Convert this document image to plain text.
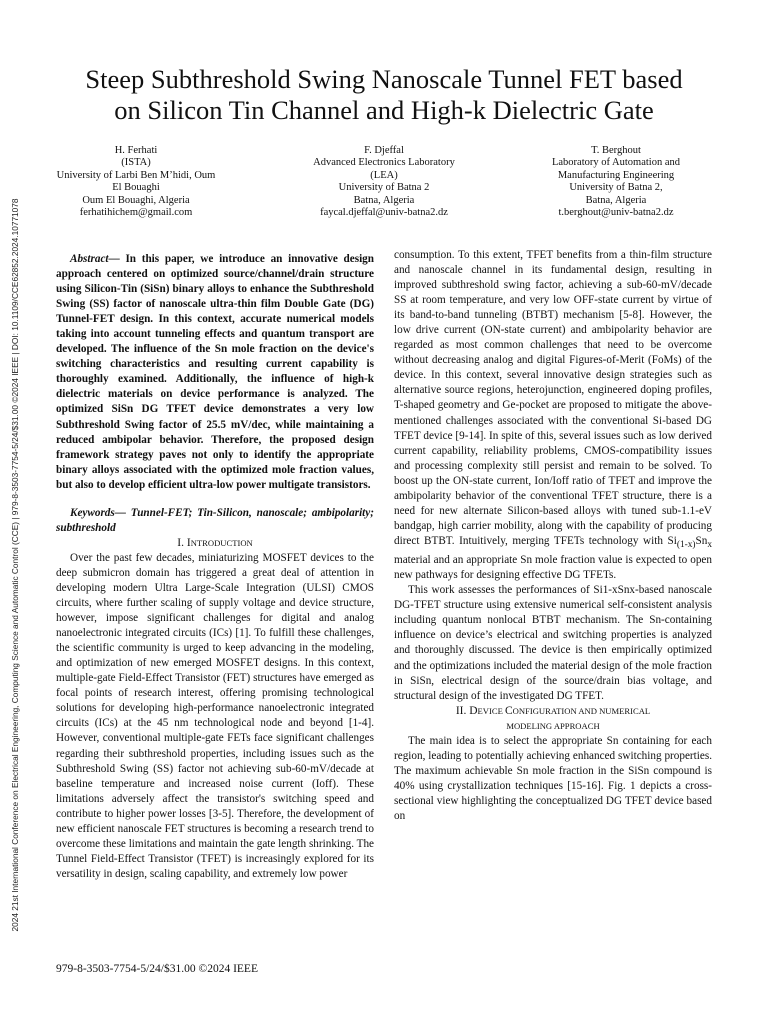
2024 21st International Conference on Electrical Engineering, Computing Science and Automatic Control (CCE) | 979-8-3503-7754-5/24/$31.00 ©2024 IEEE | DOI: 10.1109/CCE62852.2024.10771078
Steep Subthreshold Swing Nanoscale Tunnel FET based
on Silicon Tin Channel and High-k Dielectric Gate
H. Ferhati
(ISTA)
University of Larbi Ben M’hidi, Oum
El Bouaghi
Oum El Bouaghi, Algeria
ferhatihichem@gmail.com
F. Djeffal
Advanced Electronics Laboratory
(LEA)
University of Batna 2
Batna, Algeria
faycal.djeffal@univ-batna2.dz
T. Berghout
Laboratory of Automation and
Manufacturing Engineering
University of Batna 2,
Batna, Algeria
t.berghout@univ-batna2.dz

Abstract— In this paper, we introduce an innovative design approach centered on optimized source/channel/drain structure using Silicon-Tin (SiSn) binary alloys to enhance the Subthreshold Swing (SS) factor of nanoscale ultra-thin film Double Gate (DG) Tunnel-FET design. In this context, accurate numerical models taking into account tunneling effects and quantum transport are developed. The influence of the Sn mole fraction on the device's switching characteristics and resulting current capability is thoroughly examined. Additionally, the influence of high-k dielectric materials on device performance is analyzed. The optimized SiSn DG TFET device demonstrates a very low Subthreshold Swing factor of 25.5 mV/dec, while maintaining a reduced ambipolar behavior. Therefore, the proposed design framework strategy paves not only to identify the appropriate binary alloys associated with the optimized mole fraction values, but also to develop efficient ultra-low power multigate transistors.

Keywords— Tunnel-FET; Tin-Silicon, nanoscale; ambipolarity; subthreshold

I. INTRODUCTION

Over the past few decades, miniaturizing MOSFET devices to the deep submicron domain has triggered a great deal of attention in developing modern Ultra Large-Scale Integration (ULSI) CMOS circuits, where further scaling of supply voltage and device structure, however, impose significant challenges for digital and analog nanoelectronic integrated circuits (ICs) [1]. To fulfill these challenges, the scientific community is urged to keep advancing in the modeling, and optimization of new emerged MOSFET designs. In this context, multiple-gate Field-Effect Transistor (FET) structures have emerged as focal points of research interest, offering promising technological solutions for developing high-performance nanoelectronic integrated circuits (ICs) at the 45 nm technological node and beyond [1-4]. However, conventional multiple-gate FETs face significant challenges regarding their subthreshold properties, including issues such as the Subthreshold Swing (SS) factor not achieving sub-60-mV/decade at baseline temperature and increased noise current (Ioff). These limitations adversely affect the transistor's switching speed and contribute to higher power losses [3-5]. Therefore, the development of new efficient nanoscale FET structures is becoming a research trend to overcome these limitations and maintain the gate length shrinking. The Tunnel Field-Effect Transistor (TFET) is increasingly explored for its versatility in design, scaling capability, and extremely low power

consumption. To this extent, TFET benefits from a thin-film structure and nanoscale channel in its fundamental design, resulting in improved subthreshold swing factor, achieving a sub-60-mV/decade SS at room temperature, and very low OFF-state current by virtue of its band-to-band tunneling (BTBT) mechanism [5-8]. However, the low drive current (ON-state current) and ambipolarity behavior are regarded as most common challenges that need to be overcome without decreasing analog and digital Figures-of-Merit (FoMs) of the device. In this context, several innovative design strategies such as alternative source regions, heterojunction, engineered doping profiles, T-shaped geometry and Ge-pocket are proposed to mitigate the above-mentioned challenges associated with the conventional Si-based DG TFET device [9-14]. In spite of this, several issues such as low derived current capability, reliability problems, CMOS-compatibility issues and processing complexity still persist and remain to be solved. To boost up the ON-state current, Ion/Ioff ratio of TFET and improve the ambipolarity behavior of the conventional TFET structure, there is a need for new alternate Silicon-based alloys with tuned sub-1.1-eV bandgap, high carrier mobility, along with the capability of producing direct BTBT. Intuitively, merging TFETs technology with $Si_{(1-x)}Sn_x$ material and an appropriate Sn mole fraction value is expected to open new pathways for designing effective DG TFETs.

This work assesses the performances of Si1-xSnx-based nanoscale DG-TFET structure using extensive numerical self-consistent analysis including quantum nonlocal BTBT mechanism. The Sn-containing influence on device’s electrical and switching properties is analyzed and thoroughly discussed. The device is then empirically optimized and the optimizations included the material design of the mole fraction in SiSn, electrical design of the source/drain bias voltage, and structural design of the investigated DG TFET.

II. DEVICE CONFIGURATION AND NUMERICAL

MODELING APPROACH

The main idea is to select the appropriate Sn containing for each region, leading to potentially achieving enhanced switching properties. The maximum achievable Sn mole fraction in the SiSn compound is 40% using crystallization techniques [15-16]. Fig. 1 depicts a cross-sectional view highlighting the conceptualized DG TFET device based on

979-8-3503-7754-5/24/$31.00 ©2024 IEEE
